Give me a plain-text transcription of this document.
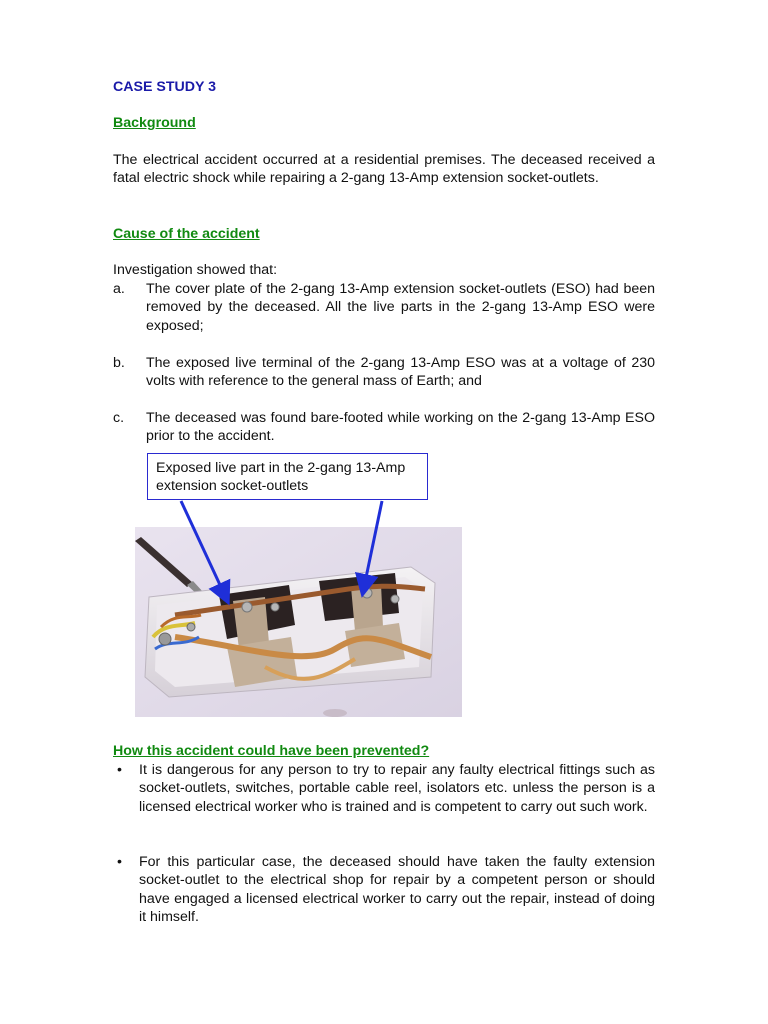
CASE STUDY 3
Background
The electrical accident occurred at a residential premises. The deceased received a fatal electric shock while repairing a 2-gang 13-Amp extension socket-outlets.
Cause of the accident
Investigation showed that:
a. The cover plate of the 2-gang 13-Amp extension socket-outlets (ESO) had been removed by the deceased. All the live parts in the 2-gang 13-Amp ESO were exposed;
b. The exposed live terminal of the 2-gang 13-Amp ESO was at a voltage of 230 volts with reference to the general mass of Earth; and
c. The deceased was found bare-footed while working on the 2-gang 13-Amp ESO prior to the accident.
Exposed live part in the 2-gang 13-Amp extension socket-outlets
How this accident could have been prevented?
• It is dangerous for any person to try to repair any faulty electrical fittings such as socket-outlets, switches, portable cable reel, isolators etc. unless the person is a licensed electrical worker who is trained and is competent to carry out such work.
• For this particular case, the deceased should have taken the faulty extension socket-outlet to the electrical shop for repair by a competent person or should have engaged a licensed electrical worker to carry out the repair, instead of doing it himself.
